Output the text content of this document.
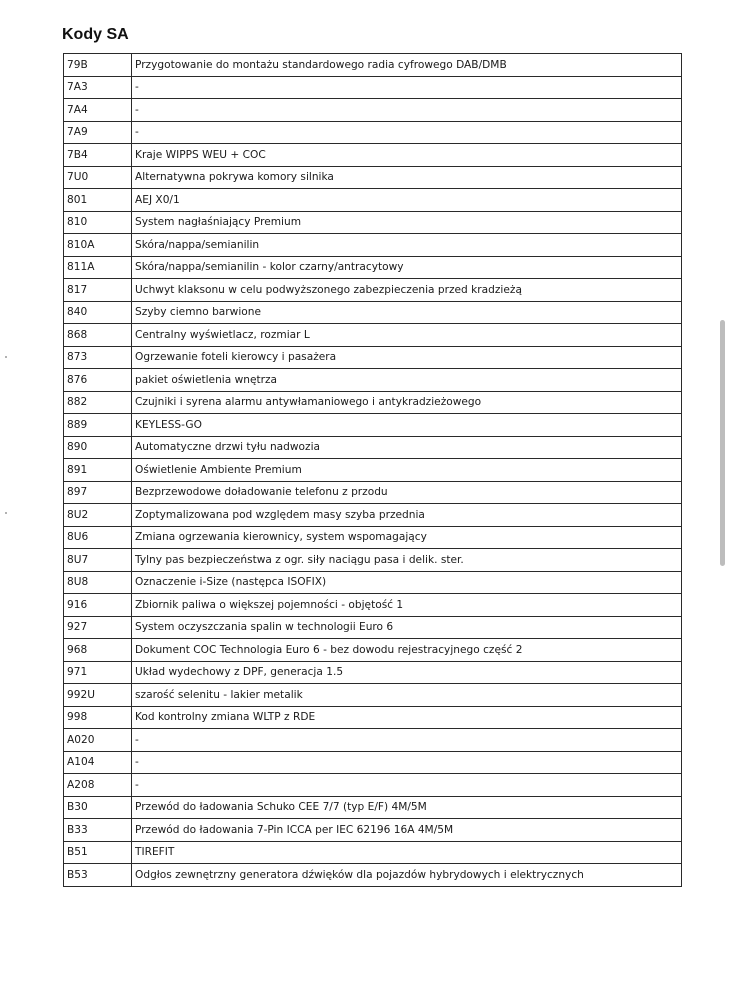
Kody SA
79B	Przygotowanie do montażu standardowego radia cyfrowego DAB/DMB
7A3	-
7A4	-
7A9	-
7B4	Kraje WIPPS WEU + COC
7U0	Alternatywna pokrywa komory silnika
801	AEJ X0/1
810	System nagłaśniający Premium
810A	Skóra/nappa/semianilin
811A	Skóra/nappa/semianilin - kolor czarny/antracytowy
817	Uchwyt klaksonu w celu podwyższonego zabezpieczenia przed kradzieżą
840	Szyby ciemno barwione
868	Centralny wyświetlacz, rozmiar L
873	Ogrzewanie foteli kierowcy i pasażera
876	pakiet oświetlenia wnętrza
882	Czujniki i syrena alarmu antywłamaniowego i antykradzieżowego
889	KEYLESS-GO
890	Automatyczne drzwi tyłu nadwozia
891	Oświetlenie Ambiente Premium
897	Bezprzewodowe doładowanie telefonu z przodu
8U2	Zoptymalizowana pod względem masy szyba przednia
8U6	Zmiana ogrzewania kierownicy, system wspomagający
8U7	Tylny pas bezpieczeństwa z ogr. siły naciągu pasa i delik. ster.
8U8	Oznaczenie i-Size (następca ISOFIX)
916	Zbiornik paliwa o większej pojemności - objętość 1
927	System oczyszczania spalin w technologii Euro 6
968	Dokument COC Technologia Euro 6 - bez dowodu rejestracyjnego część 2
971	Układ wydechowy z DPF, generacja 1.5
992U	szarość selenitu - lakier metalik
998	Kod kontrolny zmiana WLTP z RDE
A020	-
A104	-
A208	-
B30	Przewód do ładowania Schuko CEE 7/7 (typ E/F) 4M/5M
B33	Przewód do ładowania 7-Pin ICCA per IEC 62196 16A 4M/5M
B51	TIREFIT
B53	Odgłos zewnętrzny generatora dźwięków dla pojazdów hybrydowych i elektrycznych
otomoto
